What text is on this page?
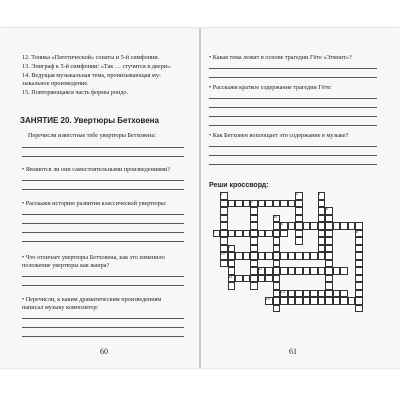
12. Тоника «Патетической» сонаты и 5-й симфонии.
13. Эпиграф к 5-й симфонии: «Так … стучится в двери».
14. Ведущая музыкальная тема, пронизывающая му-
зыкальное произведение.
15. Повторяющаяся часть формы рондо.
ЗАНЯТИЕ 20. Увертюры Бетховена
Перечисли известные тебе увертюры Бетховена:
• Являются ли они самостоятельными произведениями?
• Расскажи историю развития классической увертюры:
• Что отличает увертюры Бетховена, как это изменило
положение увертюры как жанра?
• Перечисли, к каким драматическим произведениям
написал музыку композитор:
60
• Какая тема лежит в основе трагедии Гёте «Эгмонт»?
• Расскажи краткое содержание трагедии Гёте:
• Как Бетховен воплощает это содержание в музыке?
Реши кроссворд:
61
1
2
3	4
5
6
7	8
9
10
11
12
13
14
15
